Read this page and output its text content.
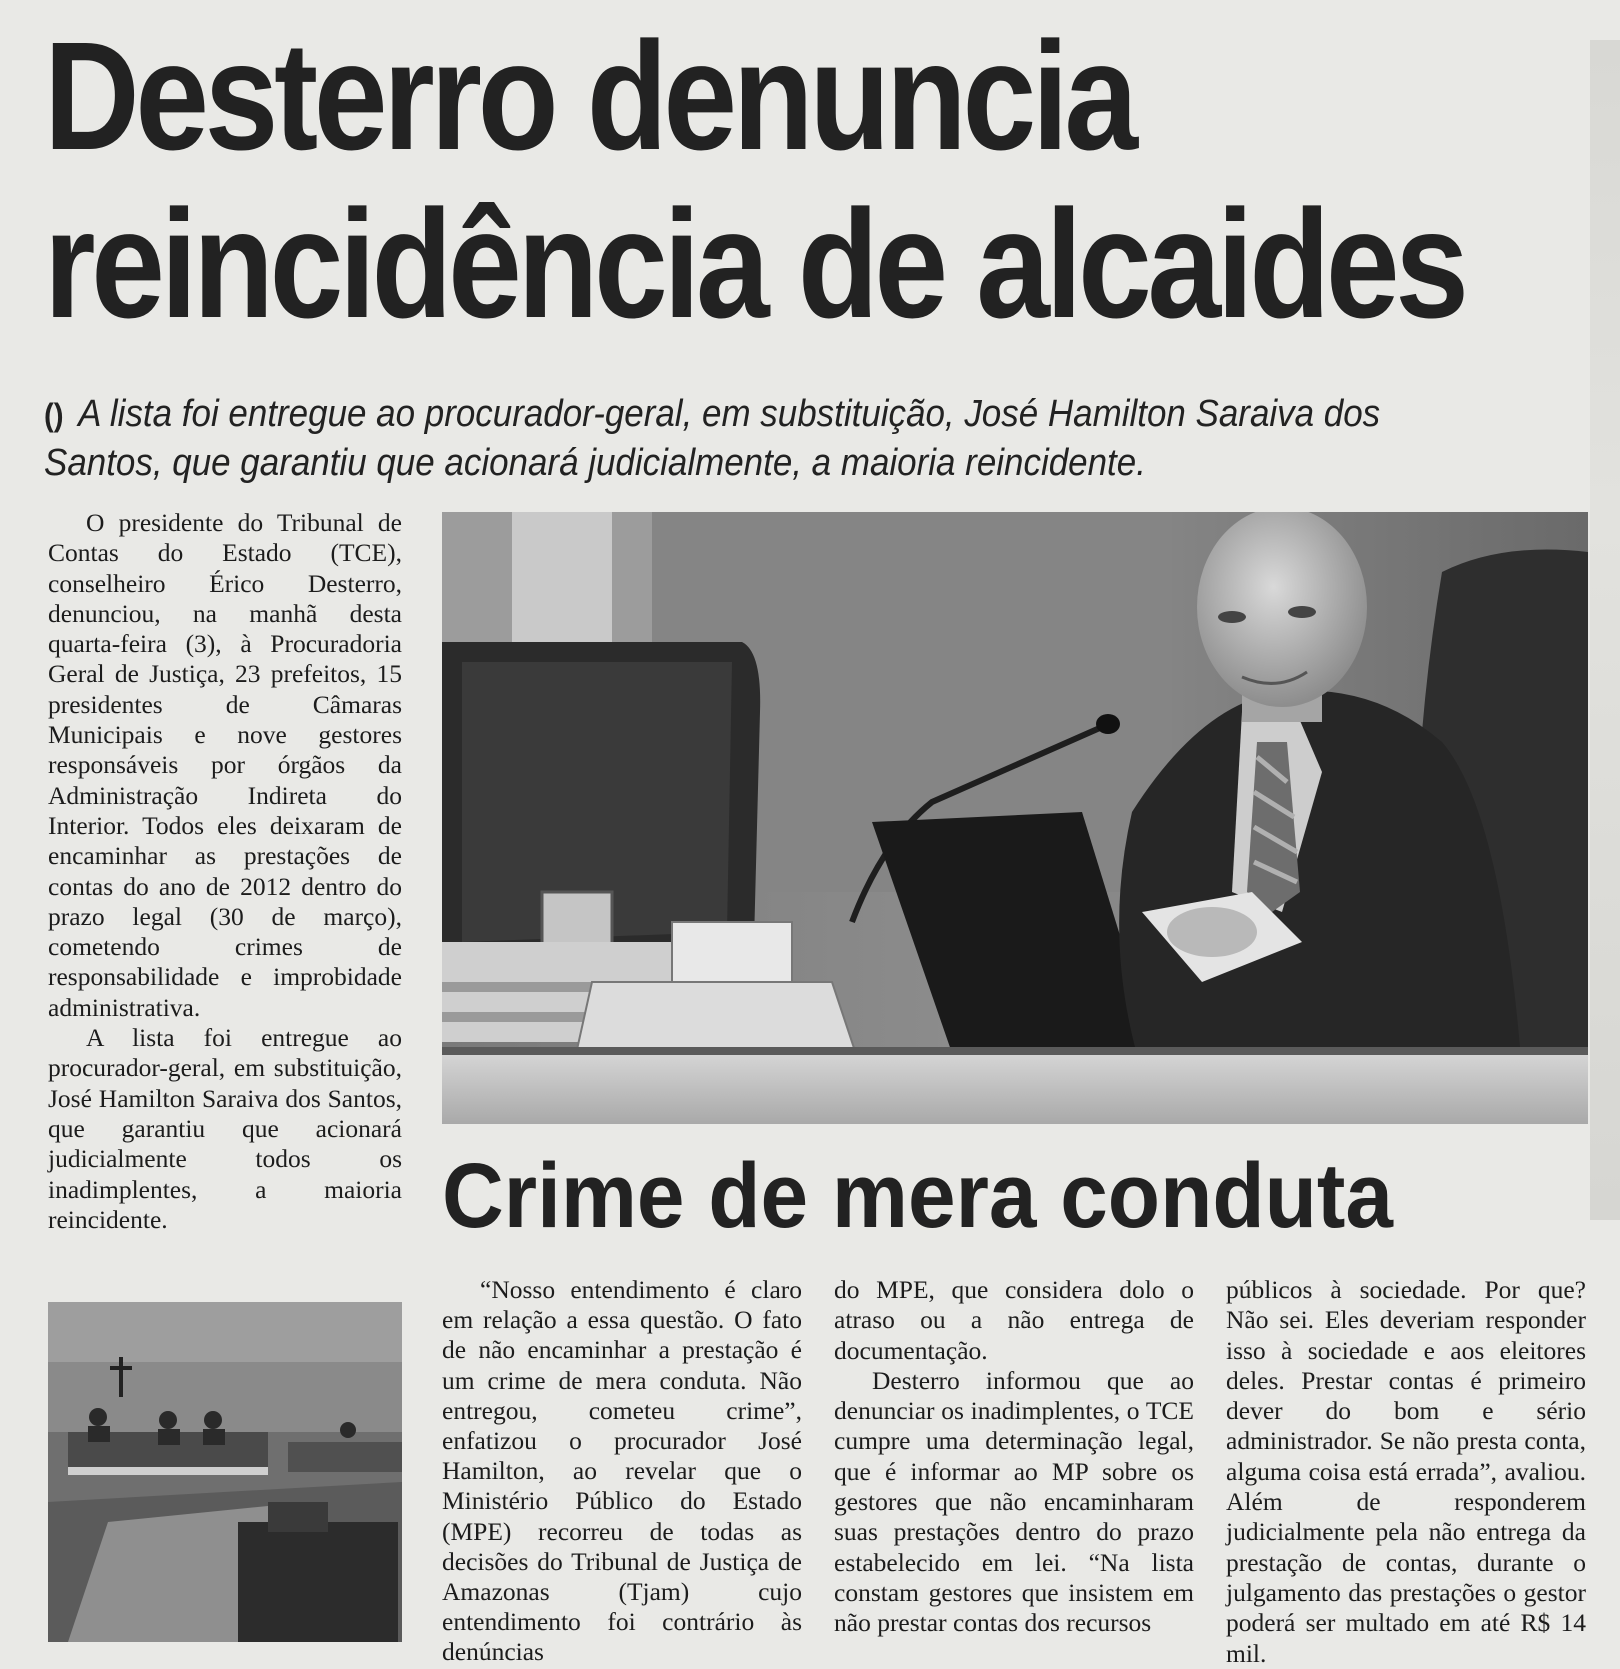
Desterro denuncia
reincidência de alcaides
() A lista foi entregue ao procurador-geral, em substituição, José Hamilton Saraiva dos Santos, que garantiu que acionará judicialmente, a maioria reincidente.

O presidente do Tribunal de Contas do Estado (TCE), conselheiro Érico Desterro, denunciou, na manhã desta quarta-feira (3), à Procuradoria Geral de Justiça, 23 prefeitos, 15 presidentes de Câmaras Municipais e nove gestores responsáveis por órgãos da Administração Indireta do Interior. Todos eles deixaram de encaminhar as prestações de contas do ano de 2012 dentro do prazo legal (30 de março), cometendo crimes de responsabilidade e improbidade administrativa.

A lista foi entregue ao procurador-geral, em substituição, José Hamilton Saraiva dos Santos, que garantiu que acionará judicialmente todos os inadimplentes, a maioria reincidente.	Crime de mera conduta

“Nosso entendimento é claro em relação a essa questão. O fato de não encaminhar a prestação é um crime de mera conduta. Não entregou, cometeu crime”, enfatizou o procurador José Hamilton, ao revelar que o Ministério Público do Estado (MPE) recorreu de todas as decisões do Tribunal de Justiça de Amazonas (Tjam) cujo entendimento foi contrário às denúncias

do MPE, que considera dolo o atraso ou a não entrega de documentação.

Desterro informou que ao denunciar os inadimplentes, o TCE cumpre uma determinação legal, que é informar ao MP sobre os gestores que não encaminharam suas prestações dentro do prazo estabelecido em lei. “Na lista constam gestores que insistem em não prestar contas dos recursos

públicos à sociedade. Por que? Não sei. Eles deveriam responder isso à sociedade e aos eleitores deles. Prestar contas é primeiro dever do bom e sério administrador. Se não presta conta, alguma coisa está errada”, avaliou. Além de responderem judicialmente pela não entrega da prestação de contas, durante o julgamento das prestações o gestor poderá ser multado em até R$ 14 mil.
